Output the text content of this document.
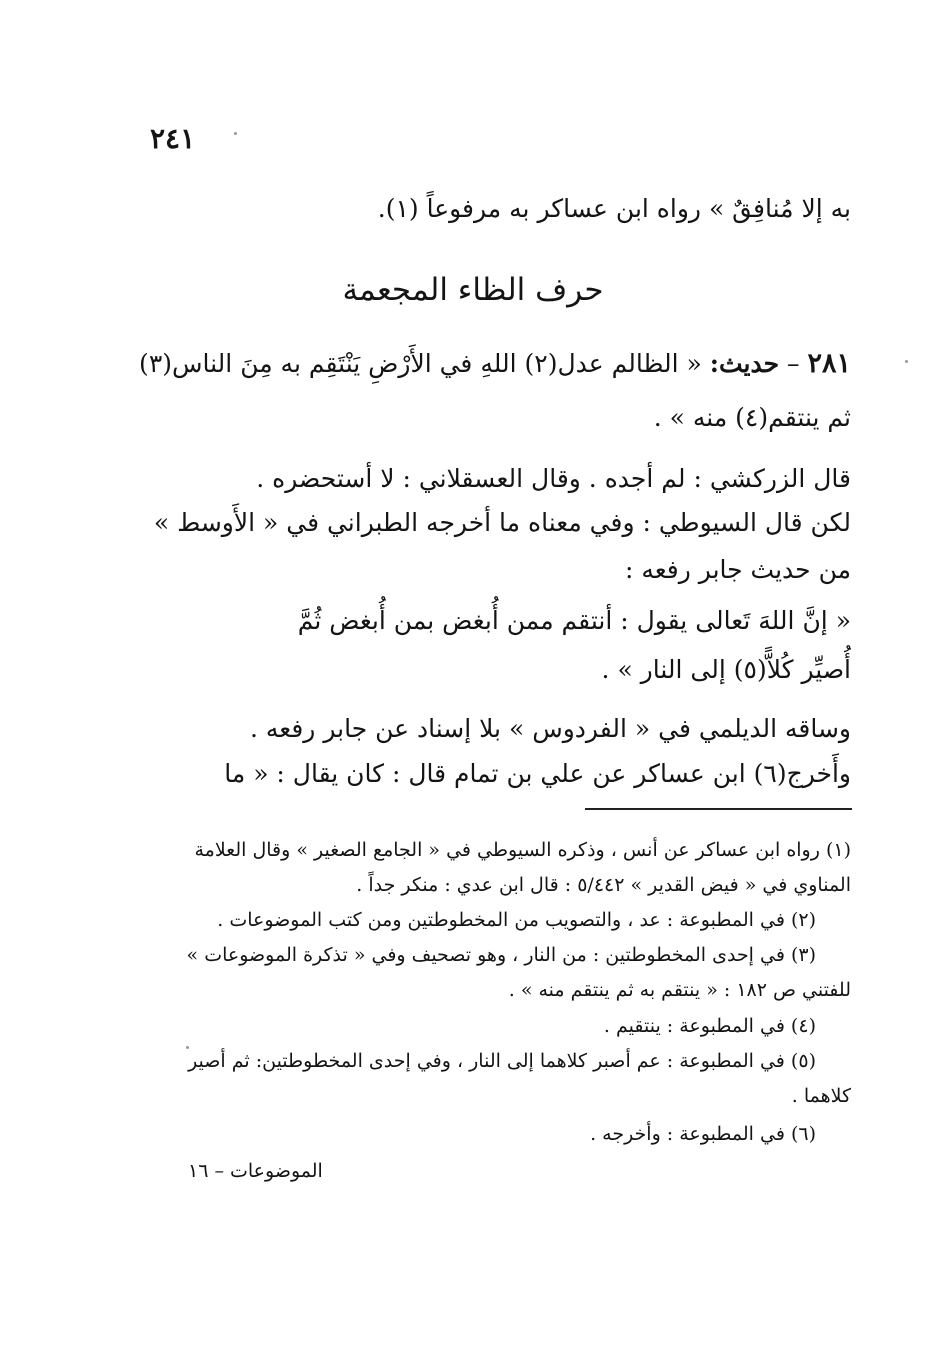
٢٤١
به إلا مُنافِقٌ » رواه ابن عساكر به مرفوعاً (١).
حرف الظاء المجعمة
٢٨١ – حديث: « الظالم عدل(٢) اللهِ في الأَرْضِ يَنْتَقِم به مِنَ الناس(٣)
ثم ينتقم(٤) منه » .
قال الزركشي : لم أجده . وقال العسقلاني : لا أستحضره .
لكن قال السيوطي : وفي معناه ما أخرجه الطبراني في « الأَوسط »
من حديث جابر رفعه :
« إنَّ اللهَ تَعالى يقول : أنتقم ممن أُبغض بمن أُبغض ثُمَّ
أُصيِّر كُلاًّ(٥) إلى النار » .
وساقه الديلمي في « الفردوس » بلا إسناد عن جابر رفعه .
وأَخرج(٦) ابن عساكر عن علي بن تمام قال : كان يقال : « ما
(١) رواه ابن عساكر عن أنس ، وذكره السيوطي في « الجامع الصغير » وقال العلامة
المناوي في « فيض القدير » ٥/٤٤٢ : قال ابن عدي : منكر جداً .
(٢) في المطبوعة : عد ، والتصويب من المخطوطتين ومن كتب الموضوعات .
(٣) في إحدى المخطوطتين : من النار ، وهو تصحيف وفي « تذكرة الموضوعات »
للفتني ص ١٨٢ : « ينتقم به ثم ينتقم منه » .
(٤) في المطبوعة : ينتقيم .
(٥) في المطبوعة : عم أصبر كلاهما إلى النار ، وفي إحدى المخطوطتين: ثم أصير
كلاهما .
(٦) في المطبوعة : وأخرجه .
الموضوعات – ١٦
